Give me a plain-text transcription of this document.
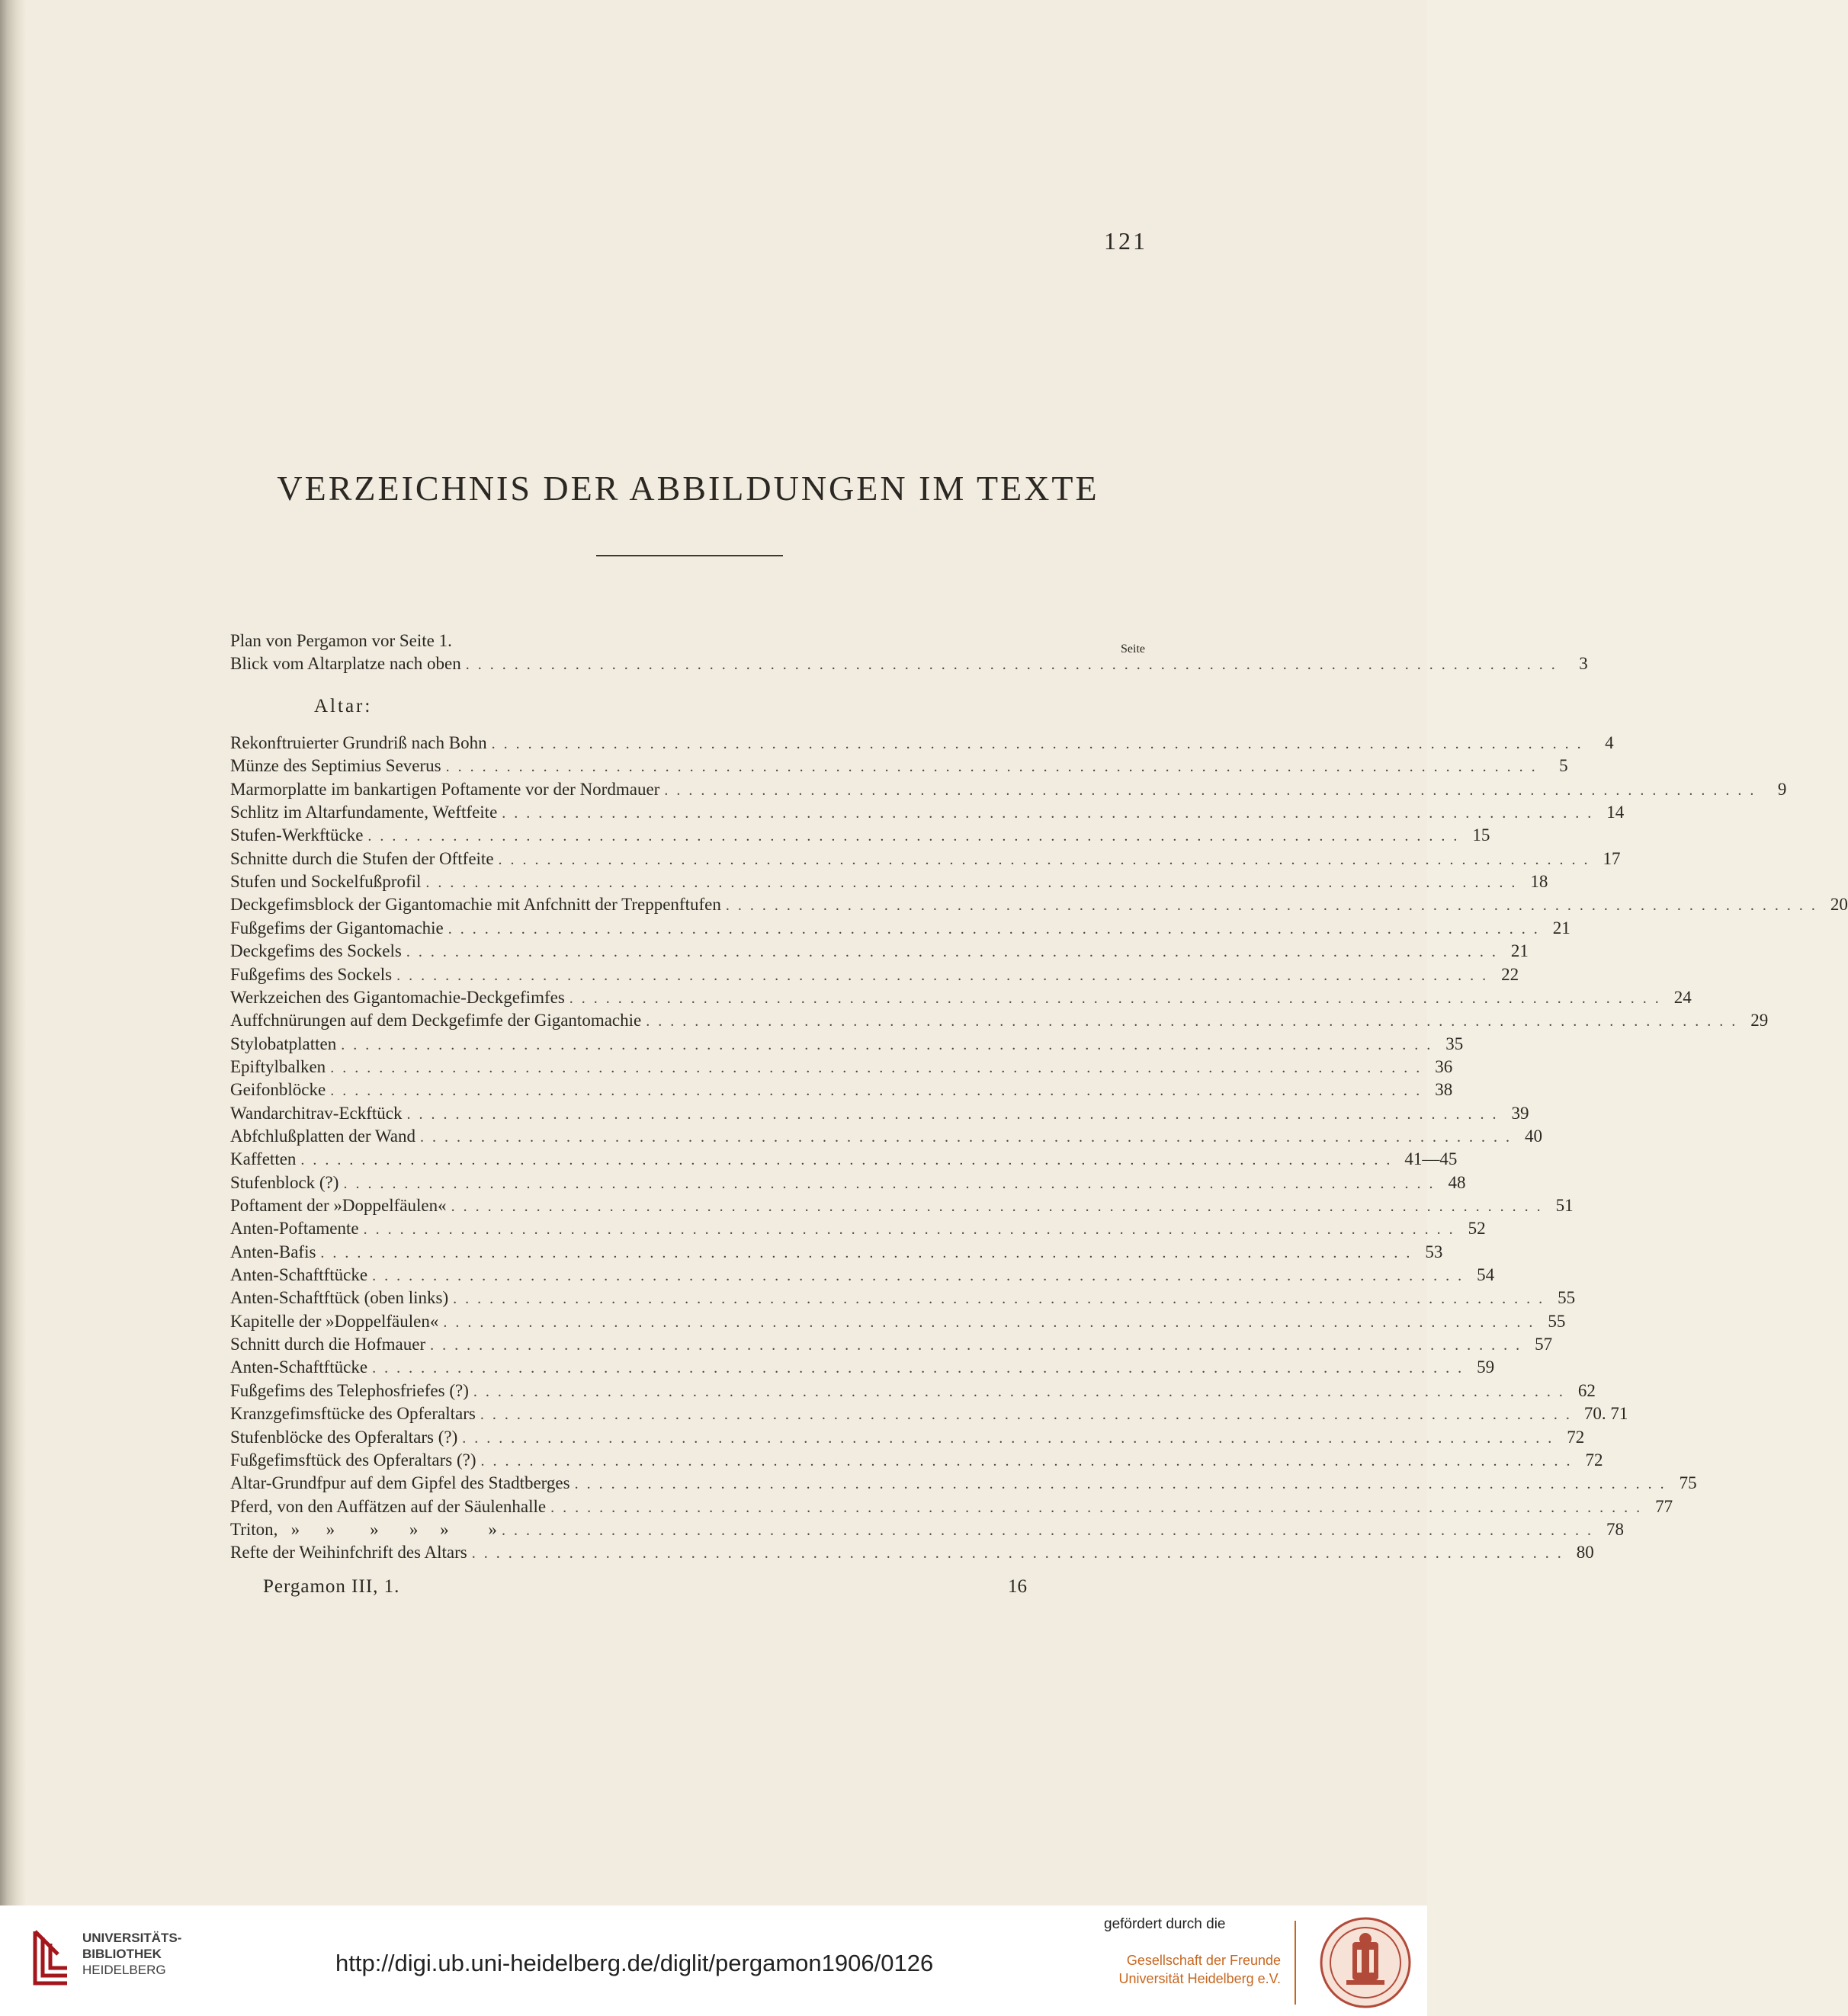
121
VERZEICHNIS DER ABBILDUNGEN IM TEXTE
Seite
Plan von Pergamon vor Seite 1.
Blick vom Altarplatze nach oben .......................................................................................... 3
Altar:
Rekonftruierter Grundriß nach Bohn .......................................................................................... 4
Münze des Septimius Severus .......................................................................................... 5
Marmorplatte im bankartigen Poftamente vor der Nordmauer .......................................................................................... 9
Schlitz im Altarfundamente, Weftfeite .......................................................................................... 14
Stufen-Werkftücke .......................................................................................... 15
Schnitte durch die Stufen der Oftfeite .......................................................................................... 17
Stufen und Sockelfußprofil .......................................................................................... 18
Deckgefimsblock der Gigantomachie mit Anfchnitt der Treppenftufen .......................................................................................... 20
Fußgefims der Gigantomachie .......................................................................................... 21
Deckgefims des Sockels .......................................................................................... 21
Fußgefims des Sockels .......................................................................................... 22
Werkzeichen des Gigantomachie-Deckgefimfes .......................................................................................... 24
Auffchnürungen auf dem Deckgefimfe der Gigantomachie .......................................................................................... 29
Stylobatplatten .......................................................................................... 35
Epiftylbalken .......................................................................................... 36
Geifonblöcke .......................................................................................... 38
Wandarchitrav-Eckftück .......................................................................................... 39
Abfchlußplatten der Wand .......................................................................................... 40
Kaffetten .......................................................................................... 41—45
Stufenblock (?) .......................................................................................... 48
Poftament der »Doppelfäulen« .......................................................................................... 51
Anten-Poftamente .......................................................................................... 52
Anten-Bafis .......................................................................................... 53
Anten-Schaftftücke .......................................................................................... 54
Anten-Schaftftück (oben links) .......................................................................................... 55
Kapitelle der »Doppelfäulen« .......................................................................................... 55
Schnitt durch die Hofmauer .......................................................................................... 57
Anten-Schaftftücke .......................................................................................... 59
Fußgefims des Telephosfriefes (?) .......................................................................................... 62
Kranzgefimsftücke des Opferaltars .......................................................................................... 70. 71
Stufenblöcke des Opferaltars (?) .......................................................................................... 72
Fußgefimsftück des Opferaltars (?) .......................................................................................... 72
Altar-Grundfpur auf dem Gipfel des Stadtberges .......................................................................................... 75
Pferd, von den Auffätzen auf der Säulenhalle .......................................................................................... 77
Triton,   »      »        »       »     »         » .......................................................................................... 78
Refte der Weihinfchrift des Altars .......................................................................................... 80
Pergamon III, 1.	16
UNIVERSITÄTS-
BIBLIOTHEK
HEIDELBERG	http://digi.ub.uni-heidelberg.de/diglit/pergamon1906/0126
gefördert durch die
Gesellschaft der Freunde
Universität Heidelberg e.V.
